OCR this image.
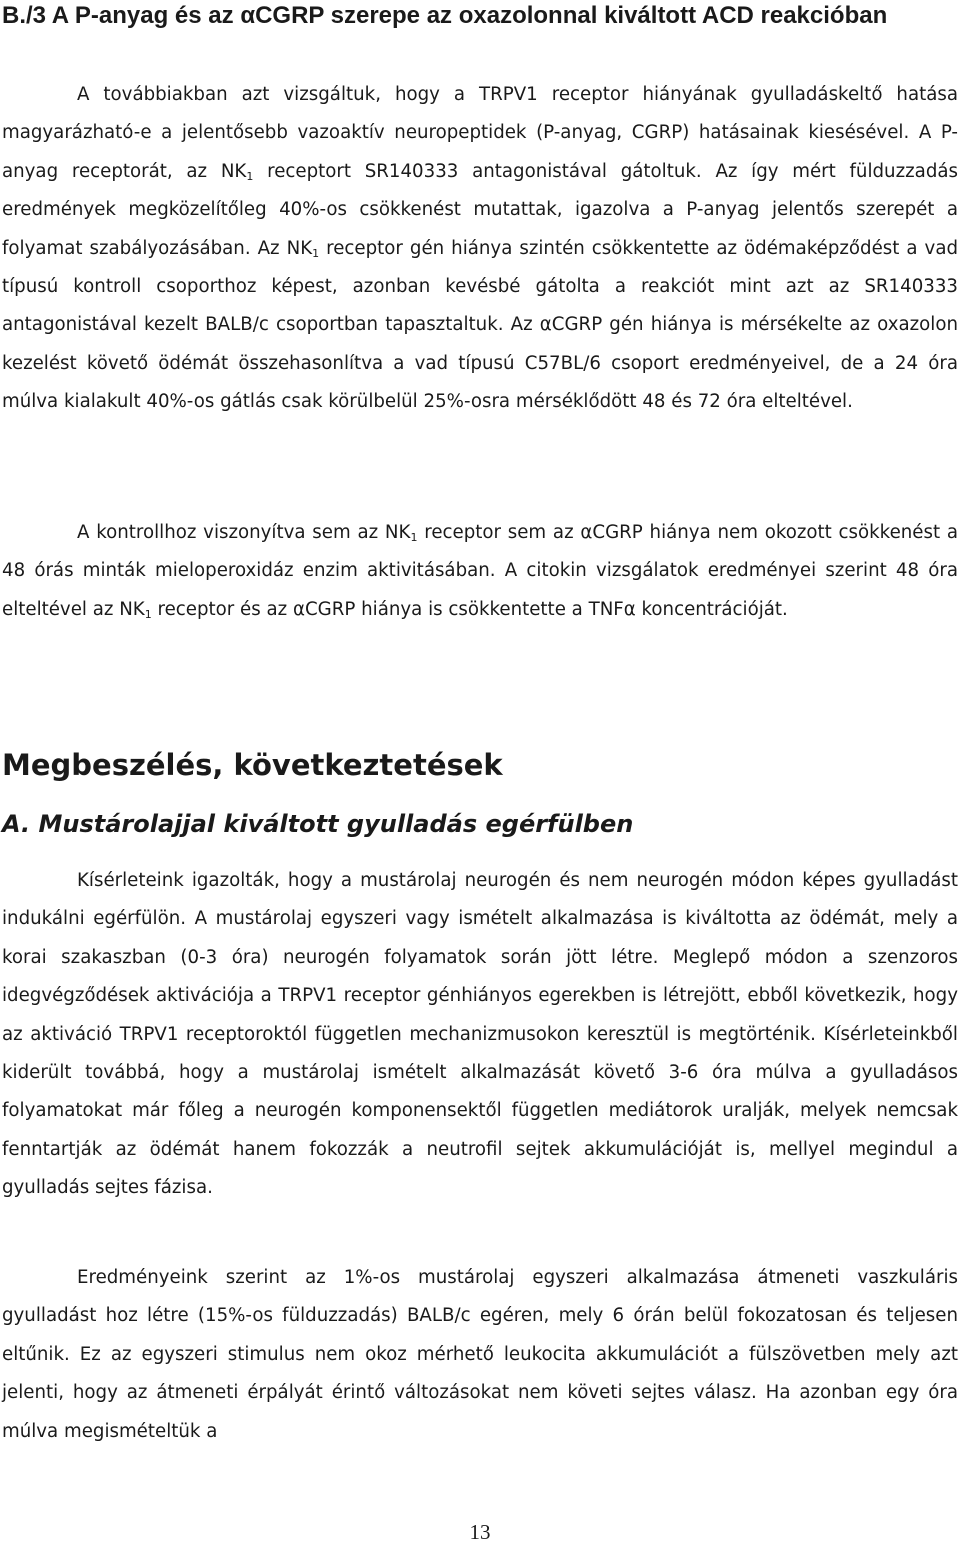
B./3 A P-anyag és az αCGRP szerepe az oxazolonnal kiváltott ACD reakcióban

A továbbiakban azt vizsgáltuk, hogy a TRPV1 receptor hiányának gyulladáskeltő hatása magyarázható-e a jelentősebb vazoaktív neuropeptidek (P-anyag, CGRP) hatásainak kiesésével. A P-anyag receptorát, az $NK_1$ receptort SR140333 antagonistával gátoltuk. Az így mért fülduzzadás eredmények megközelítőleg 40%-os csökkenést mutattak, igazolva a P-anyag jelentős szerepét a folyamat szabályozásában. Az $NK_1$ receptor gén hiánya szintén csökkentette az ödémaképződést a vad típusú kontroll csoporthoz képest, azonban kevésbé gátolta a reakciót mint azt az SR140333 antagonistával kezelt BALB/c csoportban tapasztaltuk. Az αCGRP gén hiánya is mérsékelte az oxazolon kezelést követő ödémát összehasonlítva a vad típusú C57BL/6 csoport eredményeivel, de a 24 óra múlva kialakult 40%-os gátlás csak körülbelül 25%-osra mérséklődött 48 és 72 óra elteltével.

A kontrollhoz viszonyítva sem az $NK_1$ receptor sem az αCGRP hiánya nem okozott csökkenést a 48 órás minták mieloperoxidáz enzim aktivitásában. A citokin vizsgálatok eredményei szerint 48 óra elteltével az $NK_1$ receptor és az αCGRP hiánya is csökkentette a TNFα koncentrációját.

Megbeszélés, következtetések
A. Mustárolajjal kiváltott gyulladás egérfülben

Kísérleteink igazolták, hogy a mustárolaj neurogén és nem neurogén módon képes gyulladást indukálni egérfülön. A mustárolaj egyszeri vagy ismételt alkalmazása is kiváltotta az ödémát, mely a korai szakaszban (0-3 óra) neurogén folyamatok során jött létre. Meglepő módon a szenzoros idegvégződések aktivációja a TRPV1 receptor génhiányos egerekben is létrejött, ebből következik, hogy az aktiváció TRPV1 receptoroktól független mechanizmusokon keresztül is megtörténik. Kísérleteinkből kiderült továbbá, hogy a mustárolaj ismételt alkalmazását követő 3-6 óra múlva a gyulladásos folyamatokat már főleg a neurogén komponensektől független mediátorok uralják, melyek nemcsak fenntartják az ödémát hanem fokozzák a neutrofil sejtek akkumulációját is, mellyel megindul a gyulladás sejtes fázisa.

Eredményeink szerint az 1%-os mustárolaj egyszeri alkalmazása átmeneti vaszkuláris gyulladást hoz létre (15%-os fülduzzadás) BALB/c egéren, mely 6 órán belül fokozatosan és teljesen eltűnik. Ez az egyszeri stimulus nem okoz mérhető leukocita akkumulációt a fülszövetben mely azt jelenti, hogy az átmeneti érpályát érintő változásokat nem követi sejtes válasz. Ha azonban egy óra múlva megismételtük a

13
